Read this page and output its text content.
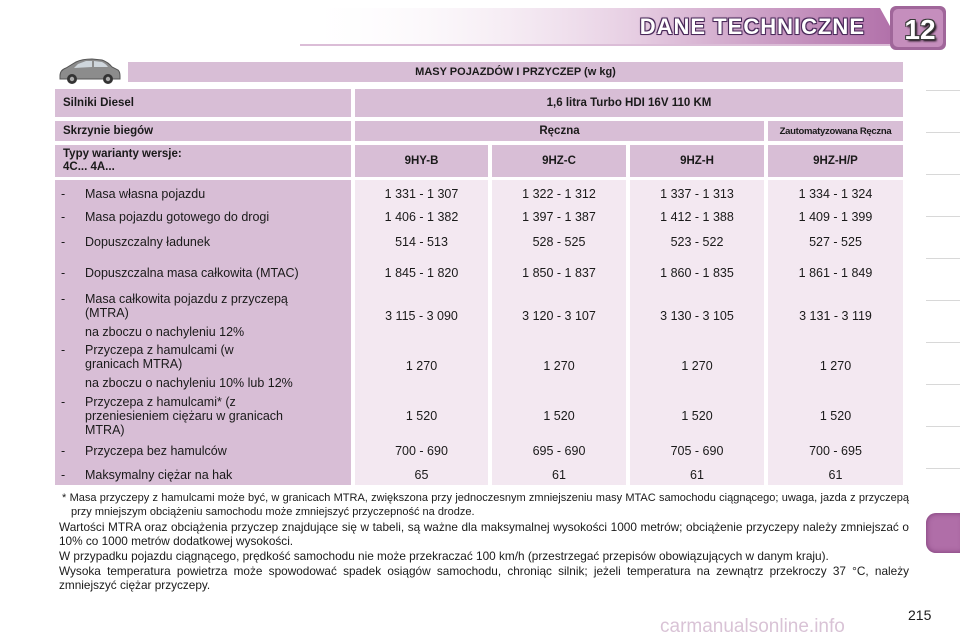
DANE TECHNICZNE 12
MASY POJAZDÓW I PRZYCZEP (w kg)
Silniki Diesel	1,6 litra Turbo HDI 16V 110 KM
Skrzynie biegów	Ręczna	Zautomatyzowana Ręczna
Typy warianty wersje:
4C... 4A...
9HY-B	9HZ-C	9HZ-H	9HZ-H/P
-	Masa własna pojazdu	1 331 - 1 307	1 322 - 1 312	1 337 - 1 313	1 334 - 1 324
-	Masa pojazdu gotowego do drogi	1 406 - 1 382	1 397 - 1 387	1 412 - 1 388	1 409 - 1 399
-	Dopuszczalny ładunek	514 - 513	528 - 525	523 - 522	527 - 525
-	Dopuszczalna masa całkowita (MTAC)	1 845 - 1 820	1 850 - 1 837	1 860 - 1 835	1 861 - 1 849
-	Masa całkowita pojazdu z przyczepą (MTRA)
na zboczu o nachyleniu 12%
3 115 - 3 090	3 120 - 3 107	3 130 - 3 105	3 131 - 3 119
-	Przyczepa z hamulcami (w granicach MTRA)
na zboczu o nachyleniu 10% lub 12%
1 270	1 270	1 270	1 270
-	Przyczepa z hamulcami* (z przeniesieniem ciężaru w granicach MTRA)
1 520	1 520	1 520	1 520
-	Przyczepa bez hamulców	700 - 690	695 - 690	705 - 690	700 - 695
-	Maksymalny ciężar na hak	65	61	61	61

* Masa przyczepy z hamulcami może być, w granicach MTRA, zwiększona przy jednoczesnym zmniejszeniu masy MTAC samochodu ciągnącego; uwaga, jazda z przyczepą przy mniejszym obciążeniu samochodu może zmniejszyć przyczepność na drodze.

Wartości MTRA oraz obciążenia przyczep znajdujące się w tabeli, są ważne dla maksymalnej wysokości 1000 metrów; obciążenie przyczepy należy zmniejszać o 10% co 1000 metrów dodatkowej wysokości.

W przypadku pojazdu ciągnącego, prędkość samochodu nie może przekraczać 100 km/h (przestrzegać przepisów obowiązujących w danym kraju).

Wysoka temperatura powietrza może spowodować spadek osiągów samochodu, chroniąc silnik; jeżeli temperatura na zewnątrz przekroczy 37 °C, należy zmniejszyć ciężar przyczepy.

carmanualsonline.info
215
